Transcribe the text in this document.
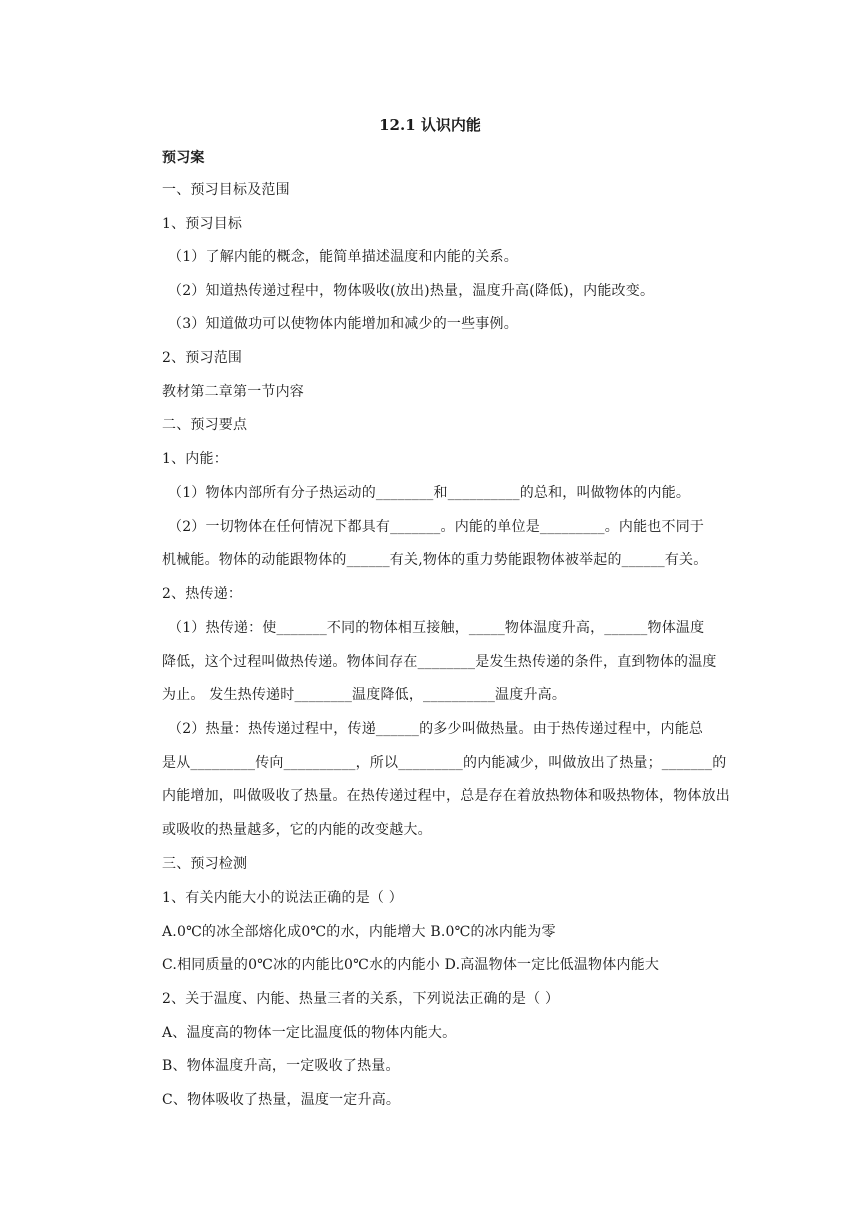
12.1 认识内能
预习案
一、预习目标及范围
1、预习目标
（1）了解内能的概念，能简单描述温度和内能的关系。
（2）知道热传递过程中，物体吸收(放出)热量，温度升高(降低)，内能改变。
（3）知道做功可以使物体内能增加和减少的一些事例。
2、预习范围
教材第二章第一节内容
二、预习要点
1、内能：
（1）物体内部所有分子热运动的________和__________的总和，叫做物体的内能。
（2）一切物体在任何情况下都具有_______。内能的单位是_________。内能也不同于
机械能。物体的动能跟物体的______有关,物体的重力势能跟物体被举起的______有关。
2、热传递：
（1）热传递：使_______不同的物体相互接触，_____物体温度升高，______物体温度
降低，这个过程叫做热传递。物体间存在________是发生热传递的条件，直到物体的温度
为止。 发生热传递时________温度降低，__________温度升高。
（2）热量：热传递过程中，传递______的多少叫做热量。由于热传递过程中，内能总
是从_________传向__________，所以_________的内能减少，叫做放出了热量；_______的
内能增加，叫做吸收了热量。在热传递过程中，总是存在着放热物体和吸热物体，物体放出
或吸收的热量越多，它的内能的改变越大。
三、预习检测
1、有关内能大小的说法正确的是（ ）
A.0℃的冰全部熔化成0℃的水，内能增大 B.0℃的冰内能为零
C.相同质量的0℃冰的内能比0℃水的内能小 D.高温物体一定比低温物体内能大
2、关于温度、内能、热量三者的关系，下列说法正确的是（ ）
A、温度高的物体一定比温度低的物体内能大。
B、物体温度升高，一定吸收了热量。
C、物体吸收了热量，温度一定升高。
